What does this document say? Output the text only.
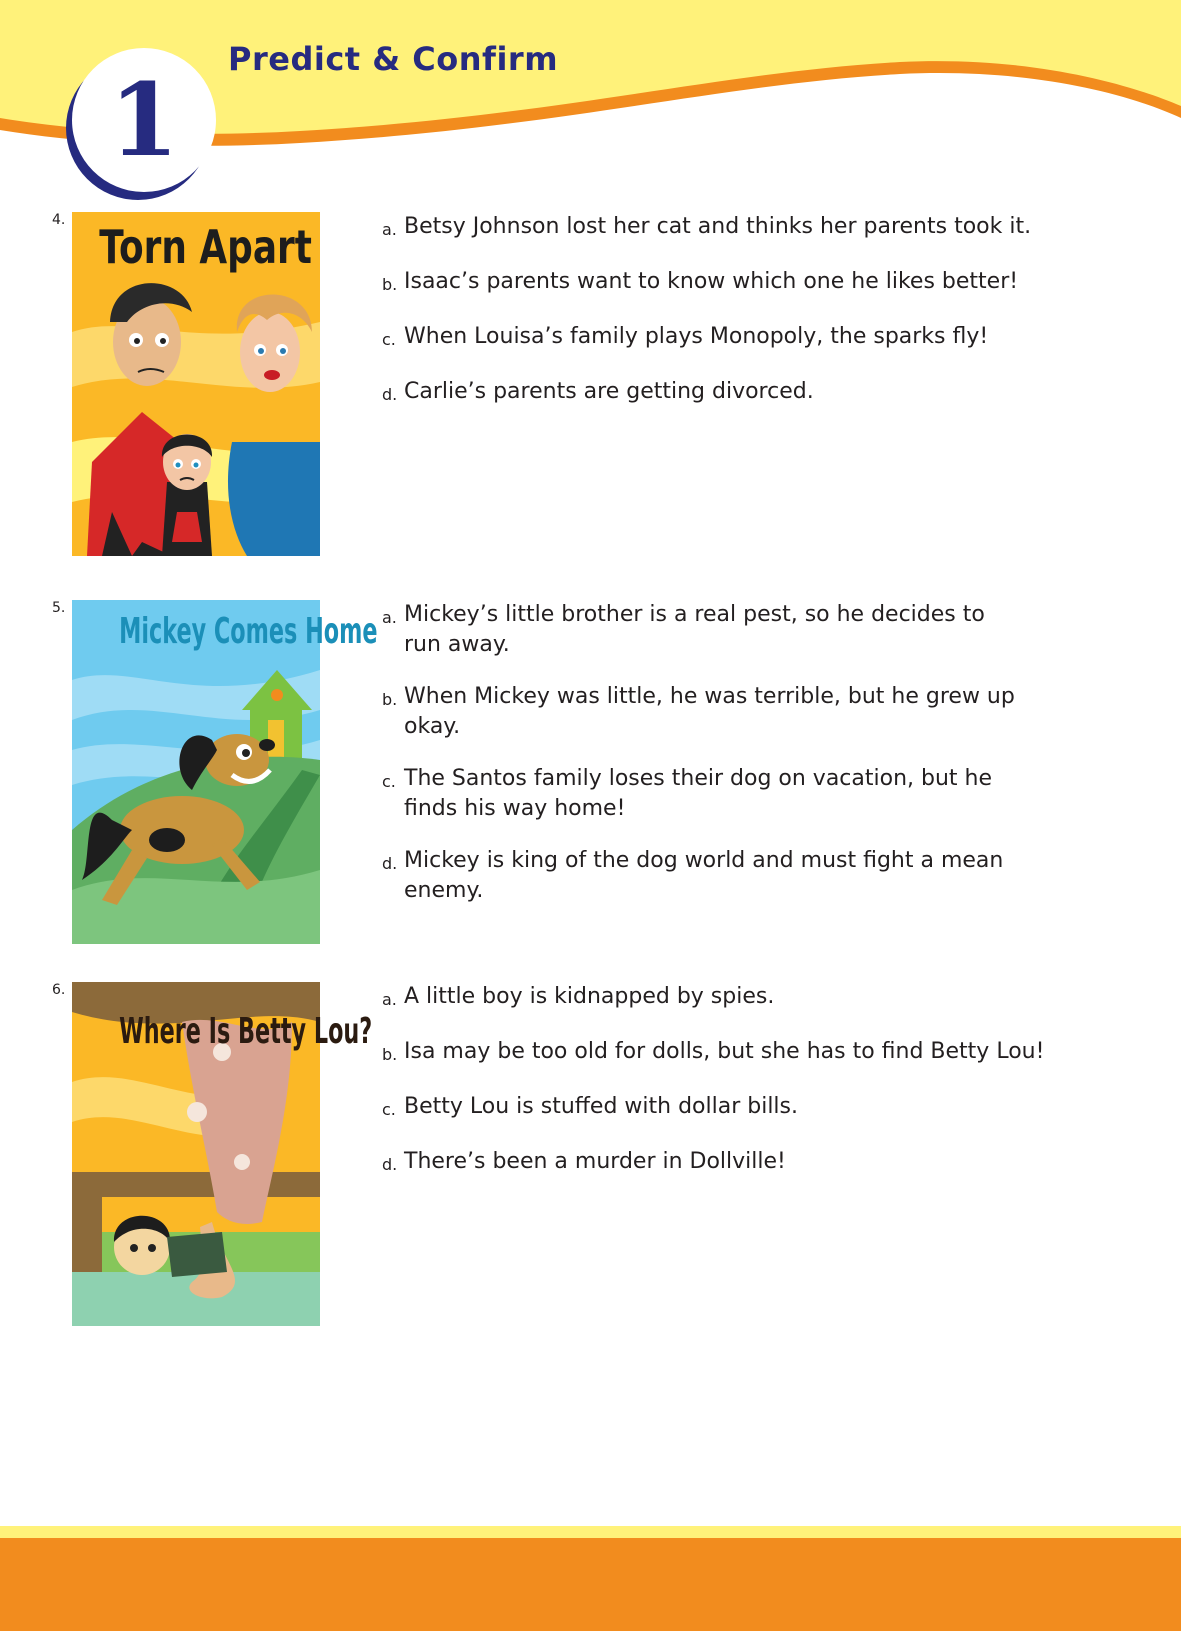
1
Predict & Confirm
4. Torn Apart	a. Betsy Johnson lost her cat and thinks her parents took it.
b. Isaac’s parents want to know which one he likes better!
c. When Louisa’s family plays Monopoly, the sparks fly!
d. Carlie’s parents are getting divorced.
5.
Mickey Comes Home a. Mickey’s little brother is a real pest, so he decides to run away.
b. When Mickey was little, he was terrible, but he grew up okay.
c. The Santos family loses their dog on vacation, but he finds his way home!
d. Mickey is king of the dog world and must fight a mean enemy.
6.
Where Is Betty Lou?
a. A little boy is kidnapped by spies.
b. Isa may be too old for dolls, but she has to find Betty Lou!
c. Betty Lou is stuffed with dollar bills.
d. There’s been a murder in Dollville!
